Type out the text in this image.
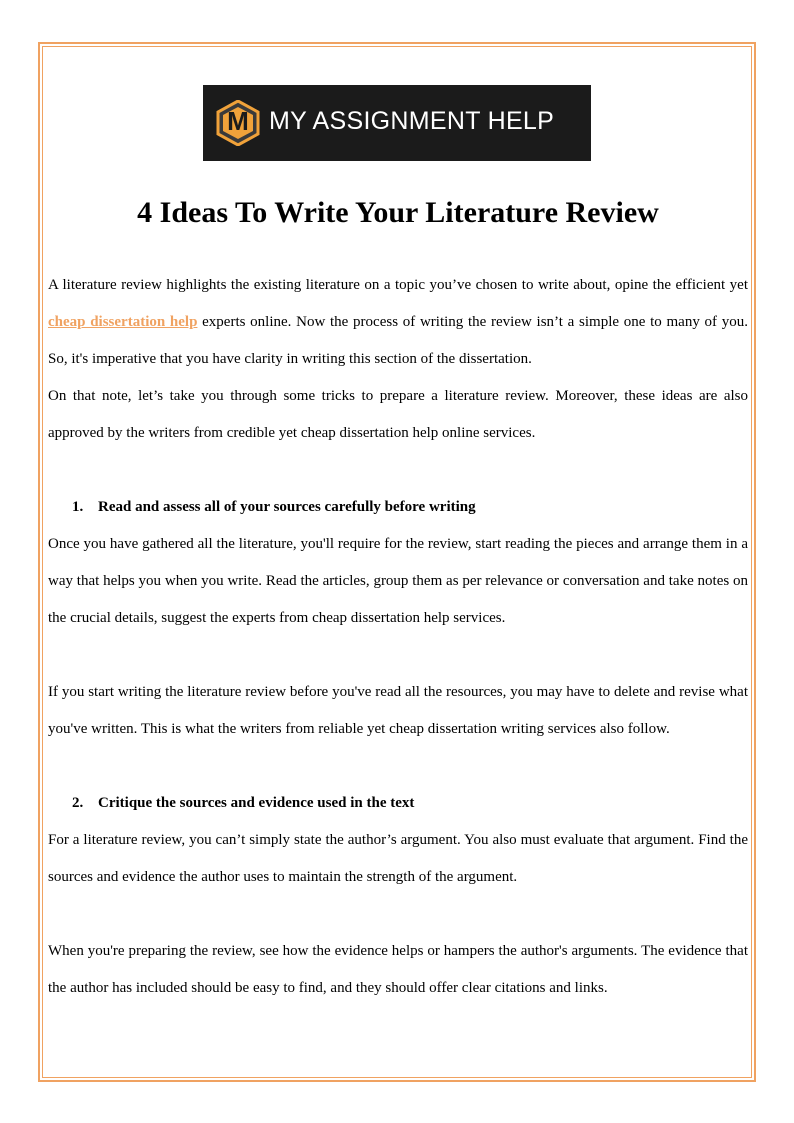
M MY ASSIGNMENT HELP
4 Ideas To Write Your Literature Review

A literature review highlights the existing literature on a topic you’ve chosen to write about, opine the efficient yet cheap dissertation help experts online. Now the process of writing the review isn’t a simple one to many of you. So, it's imperative that you have clarity in writing this section of the dissertation.

On that note, let’s take you through some tricks to prepare a literature review. Moreover, these ideas are also approved by the writers from credible yet cheap dissertation help online services.

1. Read and assess all of your sources carefully before writing

Once you have gathered all the literature, you'll require for the review, start reading the pieces and arrange them in a way that helps you when you write. Read the articles, group them as per relevance or conversation and take notes on the crucial details, suggest the experts from cheap dissertation help services.

If you start writing the literature review before you've read all the resources, you may have to delete and revise what you've written. This is what the writers from reliable yet cheap dissertation writing services also follow.

2. Critique the sources and evidence used in the text

For a literature review, you can’t simply state the author’s argument. You also must evaluate that argument. Find the sources and evidence the author uses to maintain the strength of the argument.

When you're preparing the review, see how the evidence helps or hampers the author's arguments. The evidence that the author has included should be easy to find, and they should offer clear citations and links.
